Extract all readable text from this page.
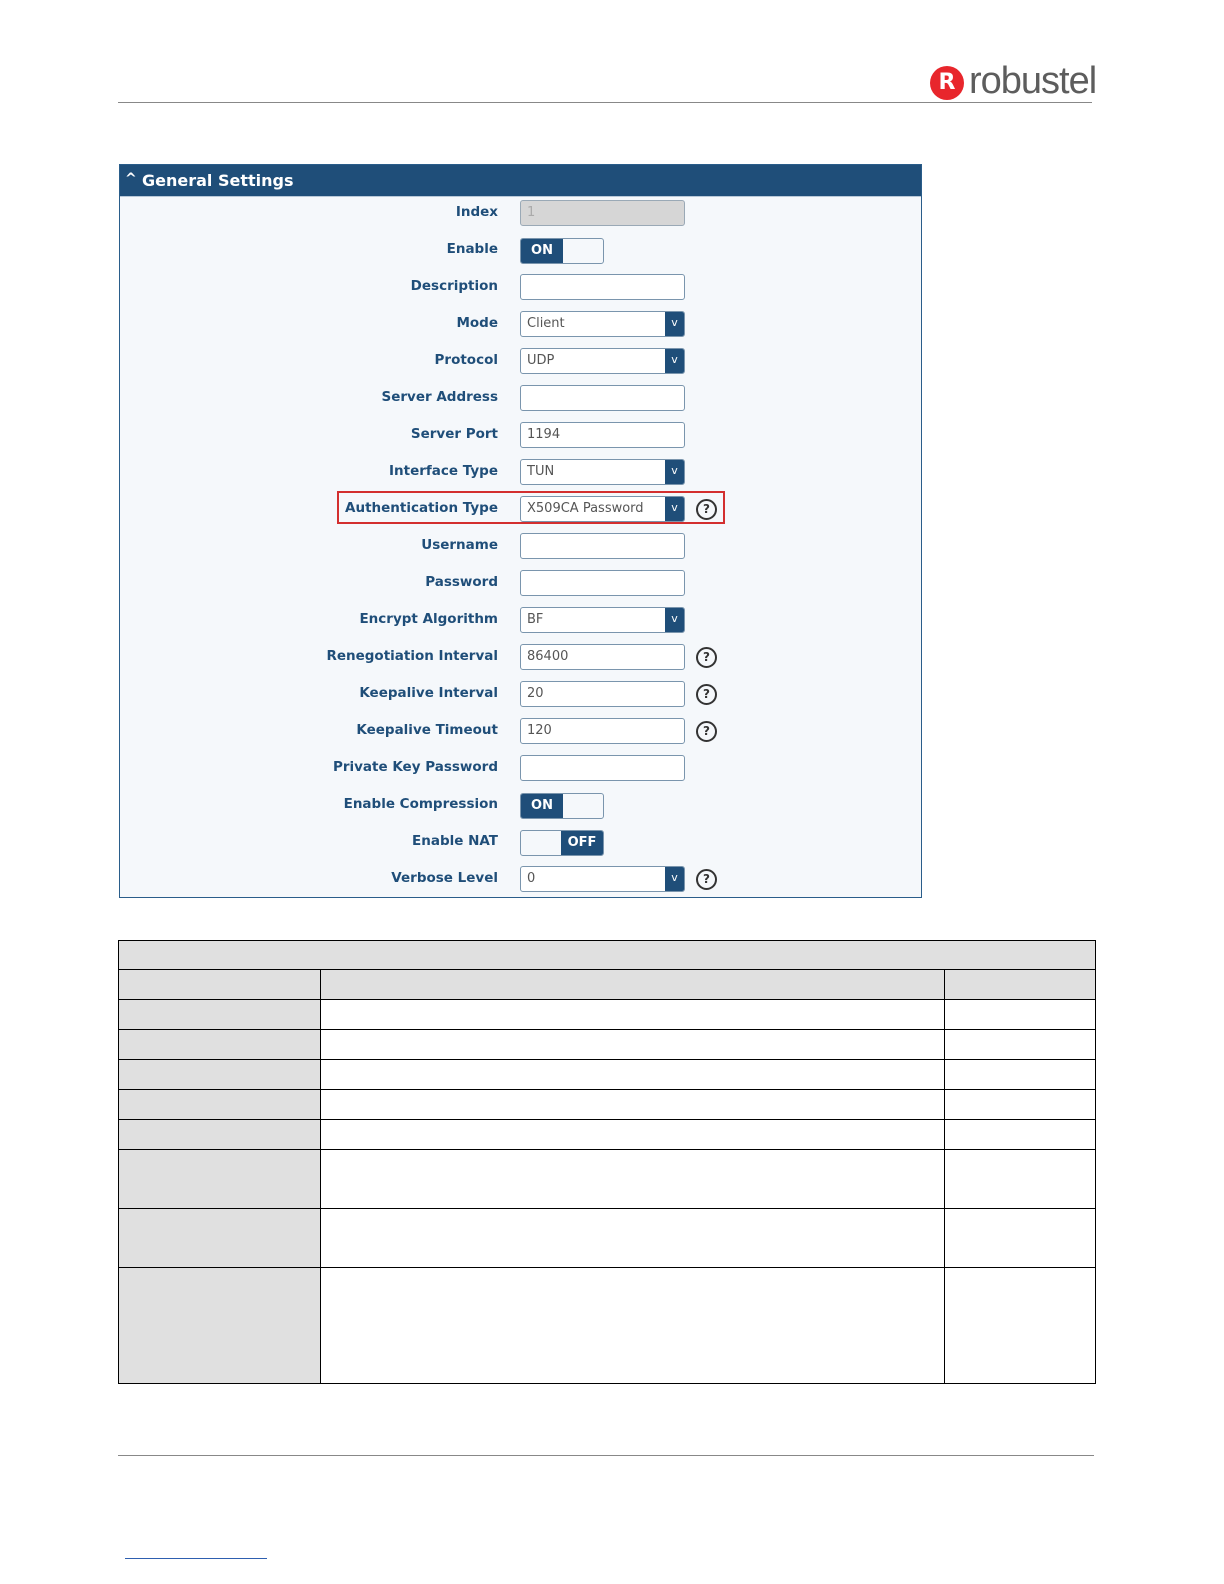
R robustel
^ General Settings
Index	1
Enable	ON
Description
Mode	Client	v
Protocol	UDP	v
Server Address
Server Port	1194
Interface Type	TUN	v
Authentication Type	X509CA Password	v	?
Username
Password
Encrypt Algorithm	BF	v
Renegotiation Interval	86400	?
Keepalive Interval	20	?
Keepalive Timeout	120	?
Private Key Password
Enable Compression	ON
Enable NAT	OFF
Verbose Level	0	v	?
